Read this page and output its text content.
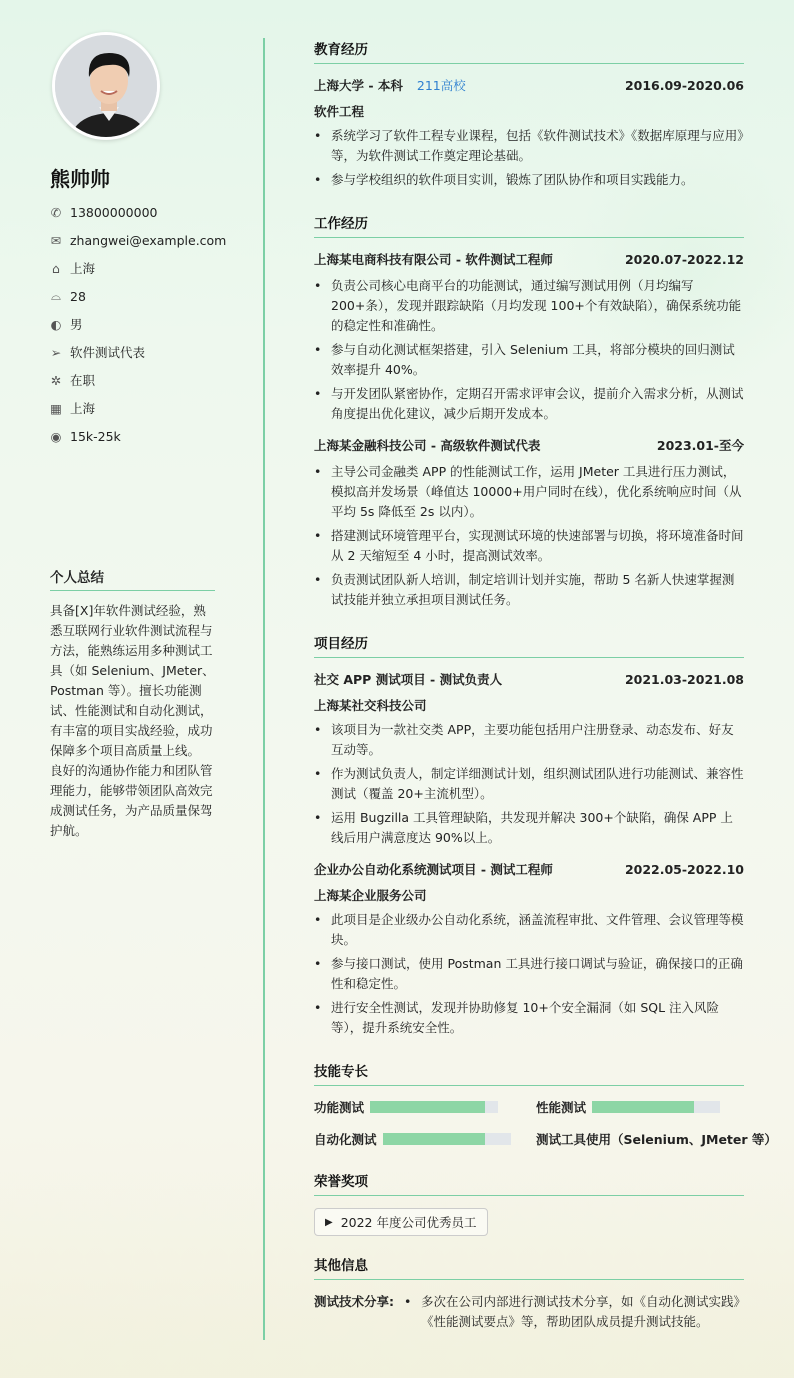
熊帅帅
✆ 13800000000
✉ zhangwei@example.com
⌂ 上海
⌓ 28
◐ 男
➢ 软件测试代表
✲ 在职
▦ 上海
◉ 15k-25k
个人总结
具备[X]年软件测试经验，熟悉互联网行业软件测试流程与方法，能熟练运用多种测试工具（如 Selenium、JMeter、Postman 等）。擅长功能测试、性能测试和自动化测试，有丰富的项目实战经验，成功保障多个项目高质量上线。 良好的沟通协作能力和团队管理能力，能够带领团队高效完成测试任务，为产品质量保驾护航。
教育经历
上海大学 - 本科 211高校	2016.09-2020.06
软件工程
• 系统学习了软件工程专业课程，包括《软件测试技术》《数据库原理与应用》等，为软件测试工作奠定理论基础。
• 参与学校组织的软件项目实训，锻炼了团队协作和项目实践能力。
工作经历
上海某电商科技有限公司 - 软件测试工程师	2020.07-2022.12
• 负责公司核心电商平台的功能测试，通过编写测试用例（月均编写 200+条），发现并跟踪缺陷（月均发现 100+个有效缺陷），确保系统功能的稳定性和准确性。
• 参与自动化测试框架搭建，引入 Selenium 工具，将部分模块的回归测试效率提升 40%。
• 与开发团队紧密协作，定期召开需求评审会议，提前介入需求分析，从测试角度提出优化建议，减少后期开发成本。
上海某金融科技公司 - 高级软件测试代表	2023.01-至今
• 主导公司金融类 APP 的性能测试工作，运用 JMeter 工具进行压力测试，模拟高并发场景（峰值达 10000+用户同时在线），优化系统响应时间（从平均 5s 降低至 2s 以内）。
• 搭建测试环境管理平台，实现测试环境的快速部署与切换，将环境准备时间从 2 天缩短至 4 小时，提高测试效率。
• 负责测试团队新人培训，制定培训计划并实施，帮助 5 名新人快速掌握测试技能并独立承担项目测试任务。
项目经历
社交 APP 测试项目 - 测试负责人	2021.03-2021.08
上海某社交科技公司
• 该项目为一款社交类 APP，主要功能包括用户注册登录、动态发布、好友互动等。
• 作为测试负责人，制定详细测试计划，组织测试团队进行功能测试、兼容性测试（覆盖 20+主流机型）。
• 运用 Bugzilla 工具管理缺陷，共发现并解决 300+个缺陷，确保 APP 上线后用户满意度达 90%以上。
企业办公自动化系统测试项目 - 测试工程师	2022.05-2022.10
上海某企业服务公司
• 此项目是企业级办公自动化系统，涵盖流程审批、文件管理、会议管理等模块。
• 参与接口测试，使用 Postman 工具进行接口调试与验证，确保接口的正确性和稳定性。
• 进行安全性测试，发现并协助修复 10+个安全漏洞（如 SQL 注入风险等），提升系统安全性。
技能专长
功能测试	性能测试
自动化测试	测试工具使用（Selenium、JMeter 等）
荣誉奖项
▶ 2022 年度公司优秀员工
其他信息
测试技术分享:
•	多次在公司内部进行测试技术分享，如《自动化测试实践》《性能测试要点》等，帮助团队成员提升测试技能。
